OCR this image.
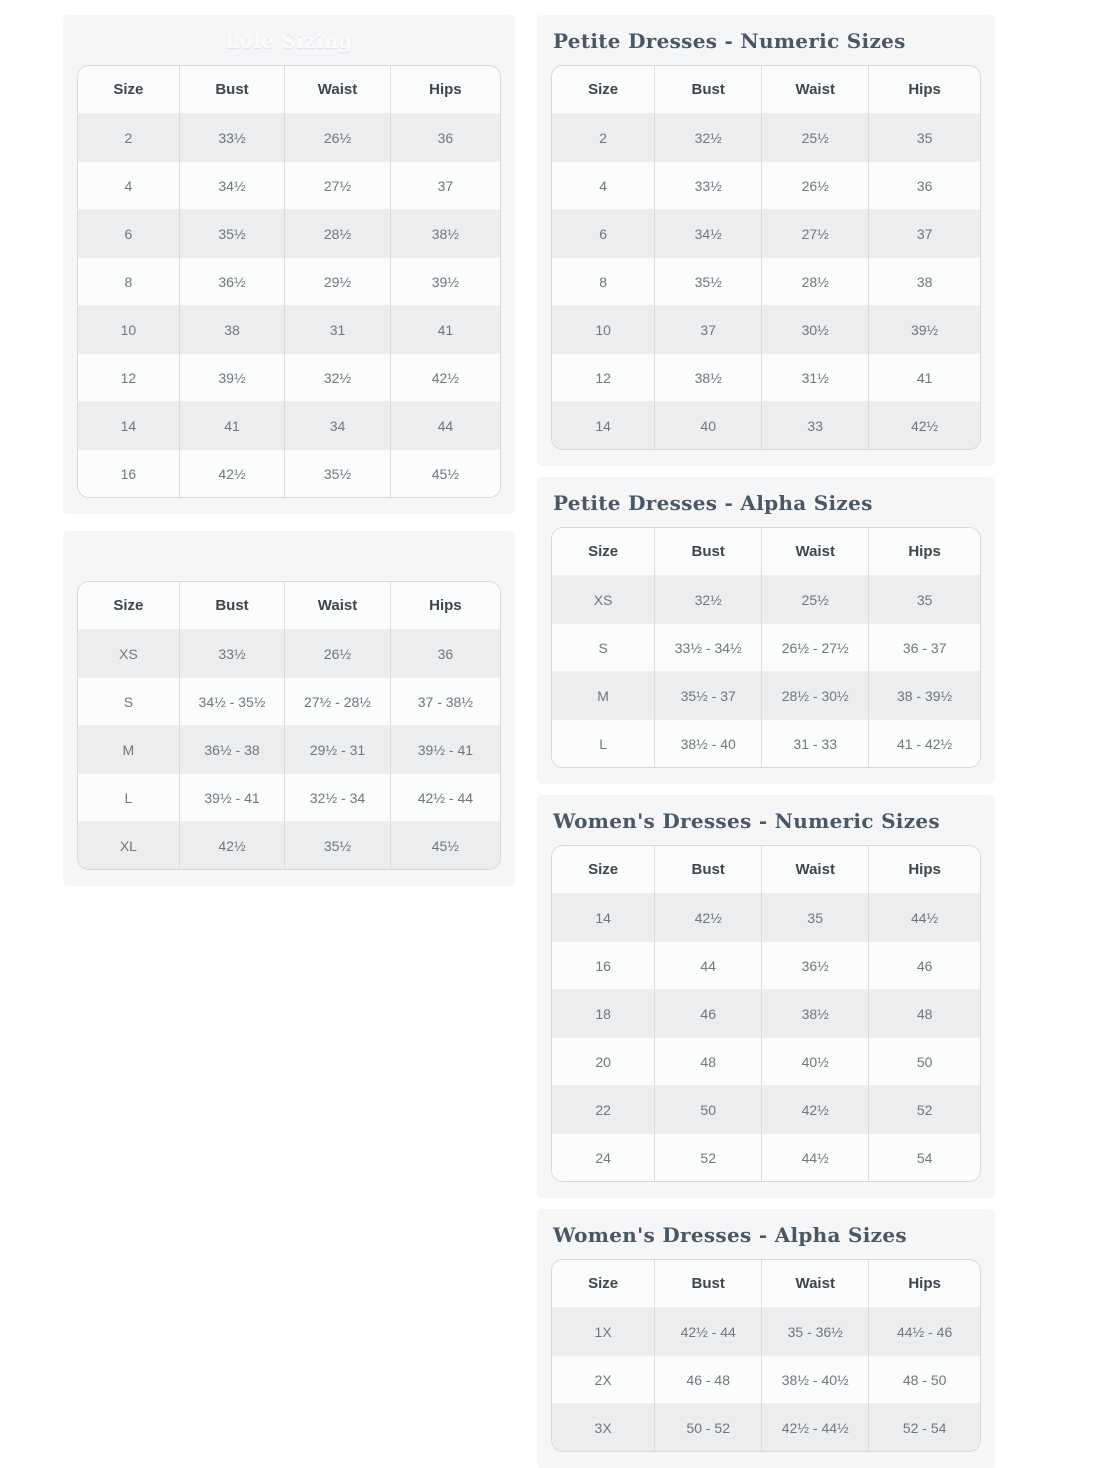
Lole Sizing
Size	Bust	Waist	Hips
2	33½	26½	36
4	34½	27½	37
6	35½	28½	38½
8	36½	29½	39½
10	38	31	41
12	39½	32½	42½
14	41	34	44
16	42½	35½	45½
Size	Bust	Waist	Hips
XS	33½	26½	36
S	34½ - 35½	27½ - 28½	37 - 38½
M	36½ - 38	29½ - 31	39½ - 41
L	39½ - 41	32½ - 34	42½ - 44
XL	42½	35½	45½
Petite Dresses - Numeric Sizes
Size	Bust	Waist	Hips
2	32½	25½	35
4	33½	26½	36
6	34½	27½	37
8	35½	28½	38
10	37	30½	39½
12	38½	31½	41
14	40	33	42½
Petite Dresses - Alpha Sizes
Size	Bust	Waist	Hips
XS	32½	25½	35
S	33½ - 34½	26½ - 27½	36 - 37
M	35½ - 37	28½ - 30½	38 - 39½
L	38½ - 40	31 - 33	41 - 42½
Women's Dresses - Numeric Sizes
Size	Bust	Waist	Hips
14	42½	35	44½
16	44	36½	46
18	46	38½	48
20	48	40½	50
22	50	42½	52
24	52	44½	54
Women's Dresses - Alpha Sizes
Size	Bust	Waist	Hips
1X	42½ - 44	35 - 36½	44½ - 46
2X	46 - 48	38½ - 40½	48 - 50
3X	50 - 52	42½ - 44½	52 - 54
